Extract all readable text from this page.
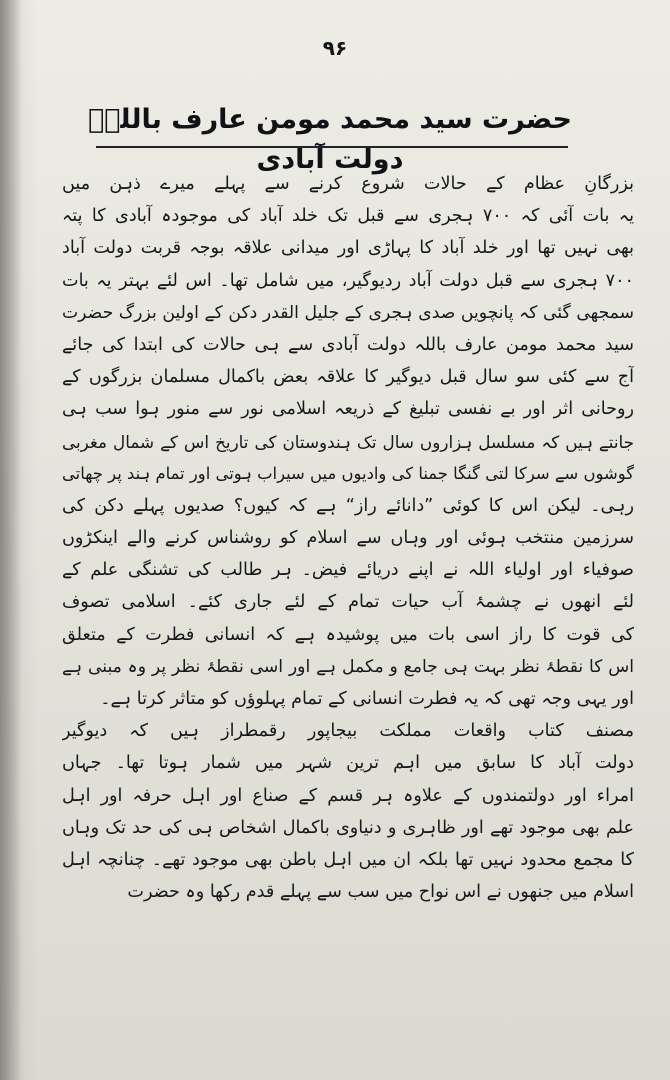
۹۶
حضرت سید محمد مومن عارف باللہؒ دولت آبادی
بزرگانِ عظام کے حالات شروع کرنے سے پہلے میرے ذہن میں
یہ بات آئی کہ ۷۰۰ ہجری سے قبل تک خلد آباد کی موجودہ آبادی کا پتہ
بھی نہیں تھا اور خلد آباد کا پہاڑی اور میدانی علاقہ بوجہ قربت دولت آباد
۷۰۰ ہجری سے قبل دولت آباد ردیوگیر، میں شامل تھا۔ اس لئے بہتر یہ بات
سمجھی گئی کہ پانچویں صدی ہجری کے جلیل القدر دکن کے اولین بزرگ حضرت
سید محمد مومن عارف باللہ دولت آبادی سے ہی حالات کی ابتدا کی جائے
آج سے کئی سو سال قبل دیوگیر کا علاقہ بعض باکمال مسلمان بزرگوں کے
روحانی اثر اور بے نفسی تبلیغ کے ذریعہ اسلامی نور سے منور ہوا سب ہی
جانتے ہیں کہ مسلسل ہزاروں سال تک ہندوستان کی تاریخ اس کے شمال مغربی
گوشوں سے سرکا لتی گنگا جمنا کی وادیوں میں سیراب ہوتی اور تمام ہند پر چھاتی
رہی۔ لیکن اس کا کوئی ”دانائے راز“ ہے کہ کیوں؟ صدیوں پہلے دکن کی
سرزمین منتخب ہوئی اور وہاں سے اسلام کو روشناس کرنے والے اینکڑوں
صوفیاء اور اولیاء اللہ نے اپنے دریائے فیض۔ ہر طالب کی تشنگی علم کے
لئے انھوں نے چشمۂ آب حیات تمام کے لئے جاری کئے۔ اسلامی تصوف
کی قوت کا راز اسی بات میں پوشیدہ ہے کہ انسانی فطرت کے متعلق
اس کا نقطۂ نظر بہت ہی جامع و مکمل ہے اور اسی نقطۂ نظر پر وہ مبنی ہے
اور یہی وجہ تھی کہ یہ فطرت انسانی کے تمام پہلوؤں کو متاثر کرتا ہے۔
مصنف کتاب واقعات مملکت بیجاپور رقمطراز ہیں کہ دیوگیر
دولت آباد کا سابق میں اہم ترین شہر میں شمار ہوتا تھا۔ جہاں
امراء اور دولتمندوں کے علاوہ ہر قسم کے صناع اور اہل حرفہ اور اہل
علم بھی موجود تھے اور ظاہری و دنیاوی باکمال اشخاص ہی کی حد تک وہاں
کا مجمع محدود نہیں تھا بلکہ ان میں اہل باطن بھی موجود تھے۔ چنانچہ اہل
اسلام میں جنھوں نے اس نواح میں سب سے پہلے قدم رکھا وہ حضرت
